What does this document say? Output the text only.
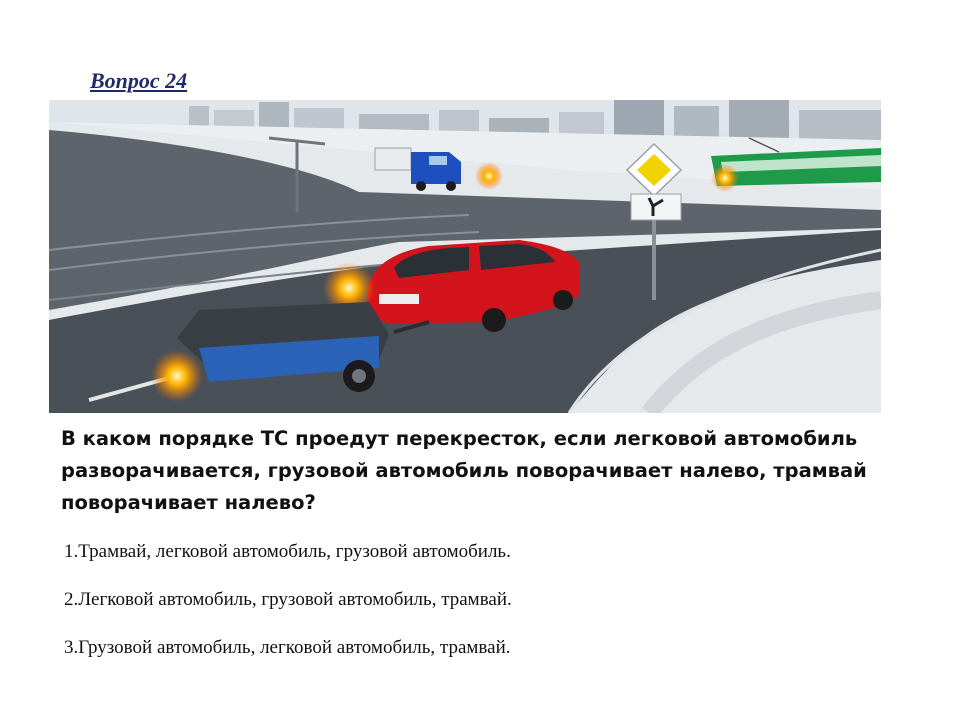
Вопрос 24

В каком порядке ТС проедут перекресток, если легковой автомобиль разворачивается, грузовой автомобиль поворачивает налево, трамвай поворачивает налево?

1.Трамвай, легковой автомобиль, грузовой автомобиль.
2.Легковой автомобиль, грузовой автомобиль, трамвай.
3.Грузовой автомобиль, легковой автомобиль, трамвай.
